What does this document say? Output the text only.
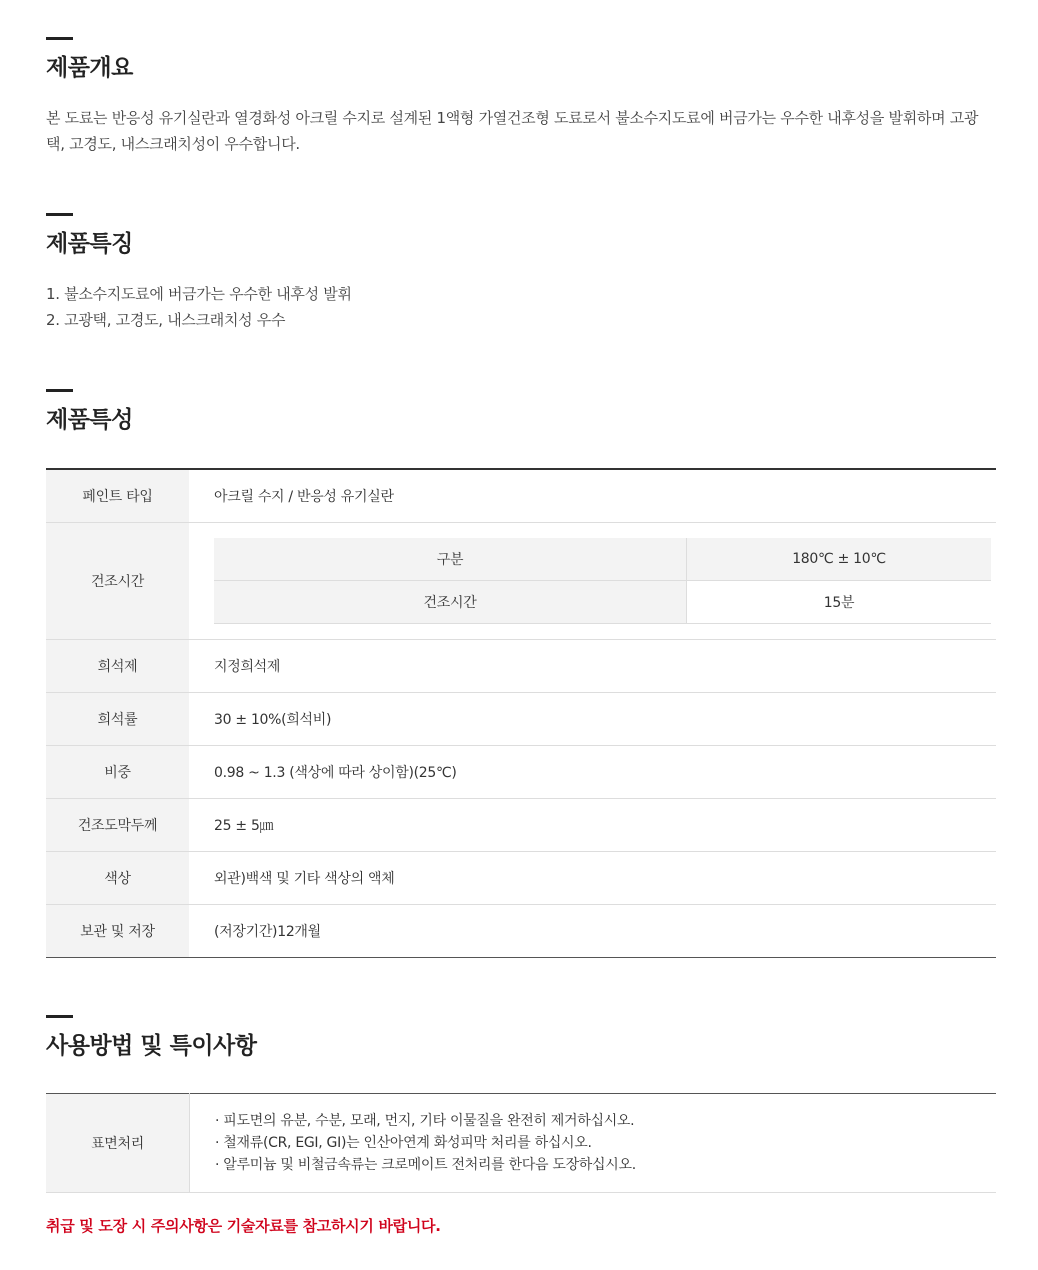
제품개요
본 도료는 반응성 유기실란과 열경화성 아크릴 수지로 설계된 1액형 가열건조형 도료로서 불소수지도료에 버금가는 우수한 내후성을 발휘하며 고광택, 고경도, 내스크래치성이 우수합니다.
제품특징
1. 불소수지도료에 버금가는 우수한 내후성 발휘
2. 고광택, 고경도, 내스크래치성 우수
제품특성
페인트 타입	아크릴 수지 / 반응성 유기실란
건조시간	
구분	180℃ ± 10℃
건조시간	15분

희석제	지정희석제
희석률	30 ± 10%(희석비)
비중	0.98 ~ 1.3 (색상에 따라 상이함)(25℃)
건조도막두께	25 ± 5㎛
색상	외관)백색 및 기타 색상의 액체
보관 및 저장	(저장기간)12개월
사용방법 및 특이사항
표면처리	
· 피도면의 유분, 수분, 모래, 먼지, 기타 이물질을 완전히 제거하십시오.
· 철재류(CR, EGI, GI)는 인산아연계 화성피막 처리를 하십시오.
· 알루미늄 및 비철금속류는 크로메이트 전처리를 한다음 도장하십시오.
취급 및 도장 시 주의사항은 기술자료를 참고하시기 바랍니다.
